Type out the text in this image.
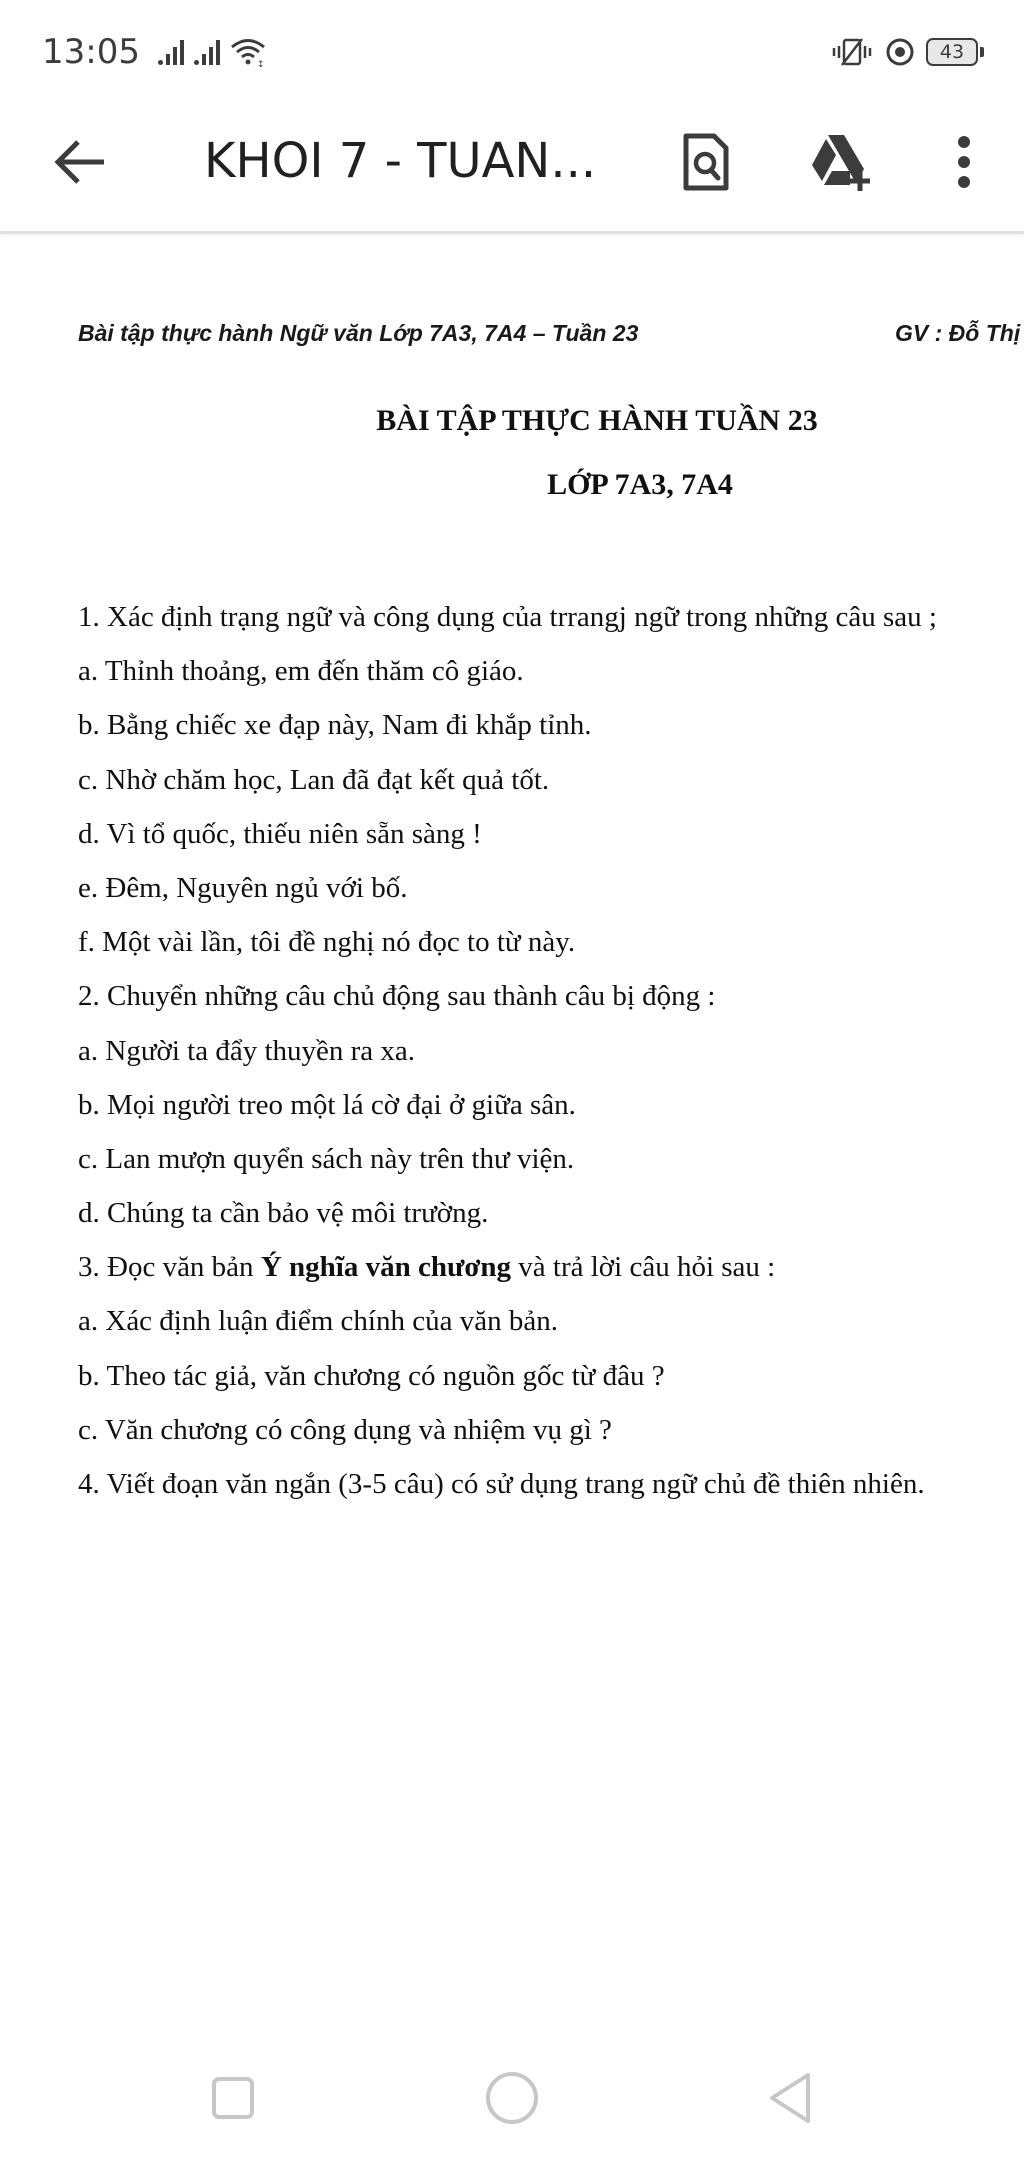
13:05	↕
43
KHOI 7 - TUAN...
Bài tập thực hành Ngữ văn Lớp 7A3, 7A4 – Tuần 23	GV : Đỗ Thị
BÀI TẬP THỰC HÀNH TUẦN 23
LỚP 7A3, 7A4
1. Xác định trạng ngữ và công dụng của trrangj ngữ trong những câu sau ;
a. Thỉnh thoảng, em đến thăm cô giáo.
b. Bằng chiếc xe đạp này, Nam đi khắp tỉnh.
c. Nhờ chăm học, Lan đã đạt kết quả tốt.
d. Vì tổ quốc, thiếu niên sẵn sàng !
e. Đêm, Nguyên ngủ với bố.
f. Một vài lần, tôi đề nghị nó đọc to từ này.
2. Chuyển những câu chủ động sau thành câu bị động :
a. Người ta đẩy thuyền ra xa.
b. Mọi người treo một lá cờ đại ở giữa sân.
c. Lan mượn quyển sách này trên thư viện.
d. Chúng ta cần bảo vệ môi trường.
3. Đọc văn bản Ý nghĩa văn chương và trả lời câu hỏi sau :
a. Xác định luận điểm chính của văn bản.
b. Theo tác giả, văn chương có nguồn gốc từ đâu ?
c. Văn chương có công dụng và nhiệm vụ gì ?
4. Viết đoạn văn ngắn (3-5 câu) có sử dụng trang ngữ chủ đề thiên nhiên.
